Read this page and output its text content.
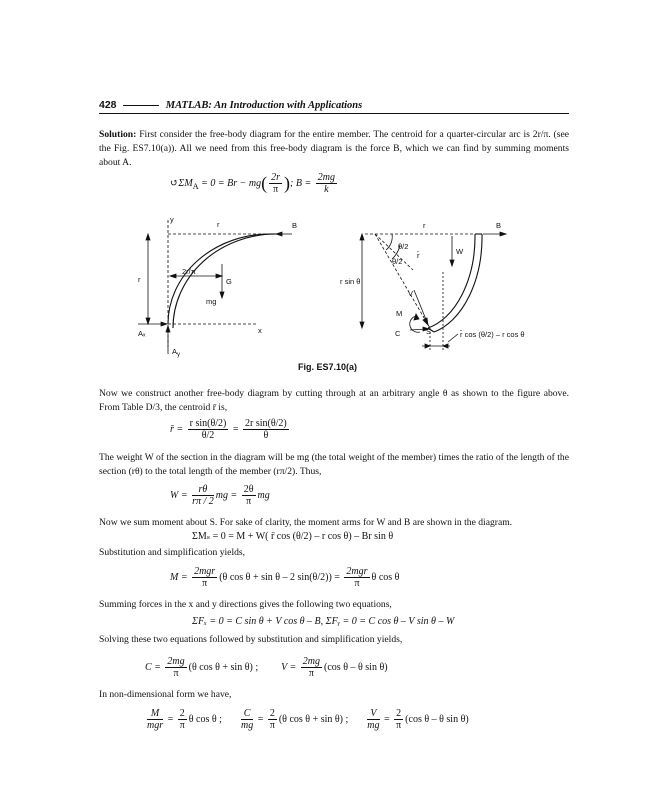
428	MATLAB: An Introduction with Applications
Solution: First consider the free-body diagram for the entire member. The centroid for a quarter-circular arc is 2r/π. (see the Fig. ES7.10(a)). All we need from this free-body diagram is the force B, which we can find by summing moments about A.
$↺\Sigma M_A = 0 = Br - mg( \frac{2r}{\pi}$ ); $B = \frac{2mg}{k}$
y
r	B
r
2r/π
G
mg
x
Aₓ
$A_y$
r	B
θ/2
θ/2
r̄	W
r sin θ
V
M
C	S	r̄ cos (θ/2) – r cos θ
Fig. ES7.10(a)
Now we construct another free-body diagram by cutting through at an arbitrary angle θ as shown to the figure above. From Table D/3, the centroid r̄ is,
r̄ = $\frac{\text{r sin(θ/2)}}{\theta/2} = \frac{\text{2r sin(θ/2)}}{\theta}$
The weight W of the section in the diagram will be mg (the total weight of the member) times the ratio of the length of the section (rθ) to the total length of the member (rπ/2). Thus,
$W = \frac{r\theta}{r\pi / 2}$ mg = $\frac{2\theta}{\pi}$ mg
Now we sum moment about S. For sake of clarity, the moment arms for W and B are shown in the diagram.
ΣMₛ = 0 = M + W( r̄ cos (θ/2) – r cos θ) – Br sin θ
Substitution and simplification yields,
$M = \frac{\text{2mgr}}{\pi} (\theta$ cos θ + sin θ – 2 $\sin(\theta/2)) = \frac{\text{2mgr}}{\pi}$ θ cos θ
Summing forces in the x and y directions gives the following two equations,
ΣFₓ = 0 = C sin θ + V cos θ – B, ΣFᵧ = 0 = C cos θ – V sin θ – W
Solving these two equations followed by substitution and simplification yields,
$C = \frac{2mg}{\pi} (\theta$ cos θ + sin θ) ; $V = \frac{2mg}{\pi} (\cos$ θ – θ sin θ)
In non-dimensional form we have,
$\frac{M}{\text{mgr}} = \frac{2}{\pi}$ θ cos θ ; $\frac{C}{mg} = \frac{2}{\pi} (\theta$ cos θ + sin θ) ; $\frac{V}{mg} = \frac{2}{\pi} (\cos$ θ – θ sin θ)
